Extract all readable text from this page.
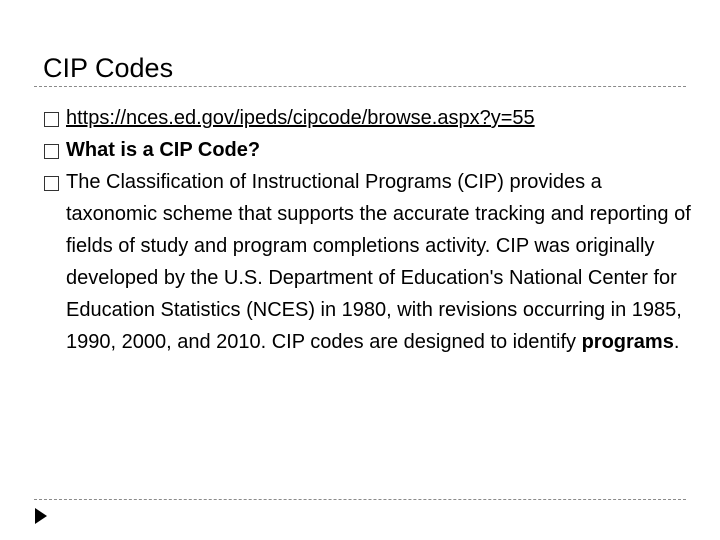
CIP Codes
https://nces.ed.gov/ipeds/cipcode/browse.aspx?y=55
What is a CIP Code?
The Classification of Instructional Programs (CIP) provides a taxonomic scheme that supports the accurate tracking and reporting of fields of study and program completions activity. CIP was originally developed by the U.S. Department of Education's National Center for Education Statistics (NCES) in 1980, with revisions occurring in 1985, 1990, 2000, and 2010. CIP codes are designed to identify programs.
